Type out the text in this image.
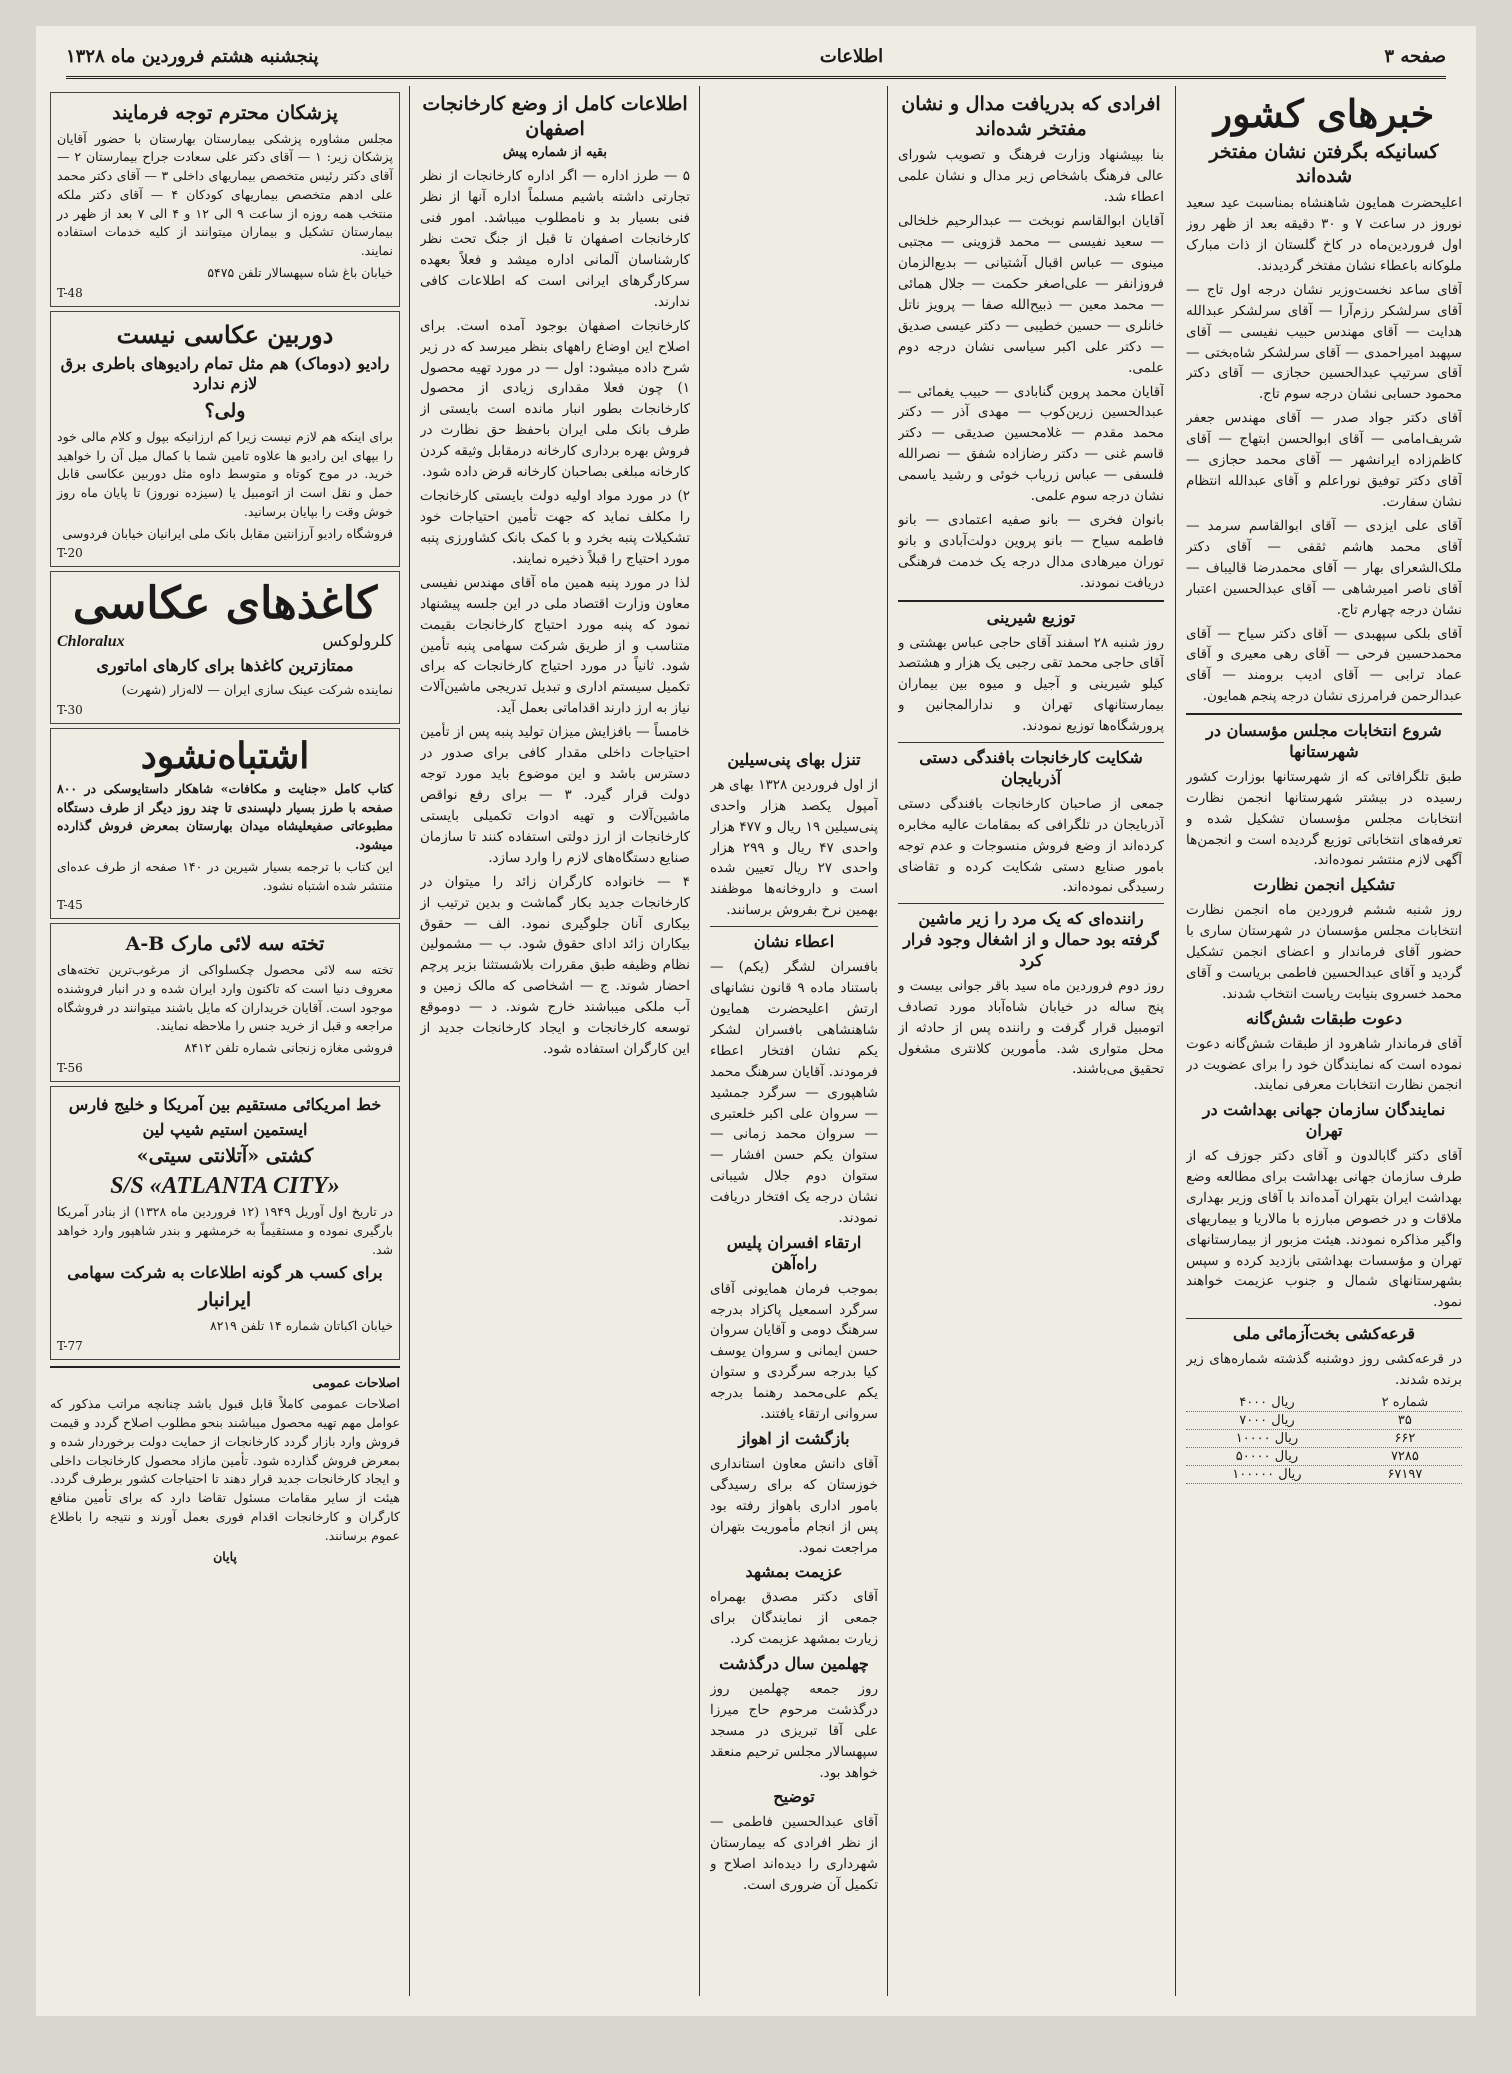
صفحه ۳
اطلاعات
پنجشنبه هشتم فروردین ماه ۱۳۲۸
خبرهای کشور
کسانیکه بگرفتن نشان مفتخر شده‌اند

اعلیحضرت همایون شاهنشاه بمناسبت عید سعید نوروز در ساعت ۷ و ۳۰ دقیقه بعد از ظهر روز اول فروردین‌ماه در کاخ گلستان از ذات مبارک ملوکانه باعطاء نشان مفتخر گردیدند.

آقای ساعد نخست‌وزیر نشان درجه اول تاج — آقای سرلشکر رزم‌آرا — آقای سرلشکر عبدالله هدایت — آقای مهندس حبیب نفیسی — آقای سپهبد امیراحمدی — آقای سرلشکر شاه‌بختی — آقای سرتیپ عبدالحسین حجازی — آقای دکتر محمود حسابی نشان درجه سوم تاج.

آقای دکتر جواد صدر — آقای مهندس جعفر شریف‌امامی — آقای ابوالحسن ابتهاج — آقای کاظم‌زاده ایرانشهر — آقای محمد حجازی — آقای دکتر توفیق نوراعلم و آقای عبدالله انتظام نشان سفارت.

آقای علی ایزدی — آقای ابوالقاسم سرمد — آقای محمد هاشم ثقفی — آقای دکتر ملک‌الشعرای بهار — آقای محمدرضا قالیباف — آقای ناصر امیرشاهی — آقای عبدالحسین اعتبار نشان درجه چهارم تاج.

آقای بلکی سپهبدی — آقای دکتر سیاح — آقای محمدحسین فرحی — آقای رهی معیری و آقای عماد ترابی — آقای ادیب برومند — آقای عبدالرحمن فرامرزی نشان درجه پنجم همایون.

شروع انتخابات مجلس مؤسسان در شهرستانها

طبق تلگرافاتی که از شهرستانها بوزارت کشور رسیده در بیشتر شهرستانها انجمن نظارت انتخابات مجلس مؤسسان تشکیل شده و تعرفه‌های انتخاباتی توزیع گردیده است و انجمن‌ها آگهی لازم منتشر نموده‌اند.

تشکیل انجمن نظارت

روز شنبه ششم فروردین ماه انجمن نظارت انتخابات مجلس مؤسسان در شهرستان ساری با حضور آقای فرماندار و اعضای انجمن تشکیل گردید و آقای عبدالحسین فاطمی بریاست و آقای محمد خسروی بنیابت ریاست انتخاب شدند.

دعوت طبقات شش‌گانه

آقای فرماندار شاهرود از طبقات شش‌گانه دعوت نموده است که نمایندگان خود را برای عضویت در انجمن نظارت انتخابات معرفی نمایند.

نمایندگان سازمان جهانی بهداشت در تهران

آقای دکتر گابالدون و آقای دکتر جوزف که از طرف سازمان جهانی بهداشت برای مطالعه وضع بهداشت ایران بتهران آمده‌اند با آقای وزیر بهداری ملاقات و در خصوص مبارزه با مالاریا و بیماریهای واگیر مذاکره نمودند. هیئت مزبور از بیمارستانهای تهران و مؤسسات بهداشتی بازدید کرده و سپس بشهرستانهای شمال و جنوب عزیمت خواهند نمود.

قرعه‌کشی بخت‌آزمائی ملی

در قرعه‌کشی روز دوشنبه گذشته شماره‌های زیر برنده شدند.

شماره ۲	ریال ۴۰۰۰
۳۵	ریال ۷۰۰۰
۶۶۲	ریال ۱۰۰۰۰
۷۲۸۵	ریال ۵۰۰۰۰
۶۷۱۹۷	ریال ۱۰۰۰۰۰
افرادی که بدریافت مدال و نشان مفتخر شده‌اند

بنا بپیشنهاد وزارت فرهنگ و تصویب شورای عالی فرهنگ باشخاص زیر مدال و نشان علمی اعطاء شد.

آقایان ابوالقاسم نوبخت — عبدالرحیم خلخالی — سعید نفیسی — محمد قزوینی — مجتبی مینوی — عباس اقبال آشتیانی — بدیع‌الزمان فروزانفر — علی‌اصغر حکمت — جلال همائی — محمد معین — ذبیح‌الله صفا — پرویز ناتل خانلری — حسین خطیبی — دکتر عیسی صدیق — دکتر علی اکبر سیاسی نشان درجه دوم علمی.

آقایان محمد پروین گنابادی — حبیب یغمائی — عبدالحسین زرین‌کوب — مهدی آذر — دکتر محمد مقدم — غلامحسین صدیقی — دکتر قاسم غنی — دکتر رضازاده شفق — نصرالله فلسفی — عباس زریاب خوئی و رشید یاسمی نشان درجه سوم علمی.

بانوان فخری — بانو صفیه اعتمادی — بانو فاطمه سیاح — بانو پروین دولت‌آبادی و بانو توران میرهادی مدال درجه یک خدمت فرهنگی دریافت نمودند.

توزیع شیرینی

روز شنبه ۲۸ اسفند آقای حاجی عباس بهشتی و آقای حاجی محمد تقی رجبی یک هزار و هشتصد کیلو شیرینی و آجیل و میوه بین بیماران بیمارستانهای تهران و ندارالمجانین و پرورشگاه‌ها توزیع نمودند.

شکایت کارخانجات بافندگی دستی آذربایجان

جمعی از صاحبان کارخانجات بافندگی دستی آذربایجان در تلگرافی که بمقامات عالیه مخابره کرده‌اند از وضع فروش منسوجات و عدم توجه بامور صنایع دستی شکایت کرده و تقاضای رسیدگی نموده‌اند.

راننده‌ای که یک مرد را زیر ماشین گرفته بود حمال و از اشغال وجود فرار کرد

روز دوم فروردین ماه سید باقر جوانی بیست و پنج ساله در خیابان شاه‌آباد مورد تصادف اتومبیل قرار گرفت و راننده پس از حادثه از محل متواری شد. مأمورین کلانتری مشغول تحقیق می‌باشند.

تنزل بهای پنی‌سیلین

از اول فروردین ۱۳۲۸ بهای هر آمپول یکصد هزار واحدی پنی‌سیلین ۱۹ ریال و ۴۷۷ هزار واحدی ۴۷ ریال و ۲۹۹ هزار واحدی ۲۷ ریال تعیین شده است و داروخانه‌ها موظفند بهمین نرخ بفروش برسانند.

اعطاء نشان

بافسران لشگر (یکم) — باستناد ماده ۹ قانون نشانهای ارتش اعلیحضرت همایون شاهنشاهی بافسران لشکر یکم نشان افتخار اعطاء فرمودند. آقایان سرهنگ محمد شاهپوری — سرگرد جمشید — سروان علی اکبر خلعتبری — سروان محمد زمانی — ستوان یکم حسن افشار — ستوان دوم جلال شیبانی نشان درجه یک افتخار دریافت نمودند.

ارتقاء افسران پلیس راه‌آهن

بموجب فرمان همایونی آقای سرگرد اسمعیل پاکزاد بدرجه سرهنگ دومی و آقایان سروان حسن ایمانی و سروان یوسف کیا بدرجه سرگردی و ستوان یکم علی‌محمد رهنما بدرجه سروانی ارتقاء یافتند.

بازگشت از اهواز

آقای دانش معاون استانداری خوزستان که برای رسیدگی بامور اداری باهواز رفته بود پس از انجام مأموریت بتهران مراجعت نمود.

عزیمت بمشهد

آقای دکتر مصدق بهمراه جمعی از نمایندگان برای زیارت بمشهد عزیمت کرد.

چهلمین سال درگذشت

روز جمعه چهلمین روز درگذشت مرحوم حاج میرزا علی آقا تبریزی در مسجد سپهسالار مجلس ترحیم منعقد خواهد بود.

توضیح

آقای عبدالحسین فاطمی — از نظر افرادی که بیمارستان شهرداری را دیده‌اند اصلاح و تکمیل آن ضروری است.

اطلاعات کامل از وضع کارخانجات اصفهان
بقیه از شماره پیش

۵ — طرز اداره — اگر اداره کارخانجات از نظر تجارتی داشته باشیم مسلماً اداره آنها از نظر فنی بسیار بد و نامطلوب میباشد. امور فنی کارخانجات اصفهان تا قبل از جنگ تحت نظر کارشناسان آلمانی اداره میشد و فعلاً بعهده سرکارگرهای ایرانی است که اطلاعات کافی ندارند.

کارخانجات اصفهان بوجود آمده است. برای اصلاح این اوضاع راههای بنظر میرسد که در زیر شرح داده میشود: اول — در مورد تهیه محصول ۱) چون فعلا مقداری زیادی از محصول کارخانجات بطور انبار مانده است بایستی از طرف بانک ملی ایران باحفظ حق نظارت در فروش بهره برداری کارخانه درمقابل وثیقه کردن کارخانه مبلغی بصاحبان کارخانه قرض داده شود.

۲) در مورد مواد اولیه دولت بایستی کارخانجات را مکلف نماید که جهت تأمین احتیاجات خود تشکیلات پنبه بخرد و با کمک بانک کشاورزی پنبه مورد احتیاج را قبلاً ذخیره نمایند.

لذا در مورد پنبه همین ماه آقای مهندس نفیسی معاون وزارت اقتصاد ملی در این جلسه پیشنهاد نمود که پنبه مورد احتیاج کارخانجات بقیمت متناسب و از طریق شرکت سهامی پنبه تأمین شود. ثانیاً در مورد احتیاج کارخانجات که برای تکمیل سیستم اداری و تبدیل تدریجی ماشین‌آلات نیاز به ارز دارند اقداماتی بعمل آید.

خامساً — بافزایش میزان تولید پنبه پس از تأمین احتیاجات داخلی مقدار کافی برای صدور در دسترس باشد و این موضوع باید مورد توجه دولت قرار گیرد. ۳ — برای رفع نواقص ماشین‌آلات و تهیه ادوات تکمیلی بایستی کارخانجات از ارز دولتی استفاده کنند تا سازمان صنایع دستگاه‌های لازم را وارد سازد.

۴ — خانواده کارگران زائد را میتوان در کارخانجات جدید بکار گماشت و بدین ترتیب از بیکاری آنان جلوگیری نمود. الف — حقوق بیکاران زائد ادای حقوق شود. ب — مشمولین نظام وظیفه طبق مقررات بلاشستثنا بزیر پرچم احضار شوند. ج — اشخاصی که مالک زمین و آب ملکی میباشند خارج شوند. د — دوموقع توسعه کارخانجات و ایجاد کارخانجات جدید از این کارگران استفاده شود.

پزشکان محترم توجه فرمایند

مجلس مشاوره پزشکی بیمارستان بهارستان با حضور آقایان پزشکان زیر: ۱ — آقای دکتر علی سعادت جراح بیمارستان ۲ — آقای دکتر رئیس متخصص بیماریهای داخلی ۳ — آقای دکتر محمد علی ادهم متخصص بیماریهای کودکان ۴ — آقای دکتر ملکه منتخب همه روزه از ساعت ۹ الی ۱۲ و ۴ الی ۷ بعد از ظهر در بیمارستان تشکیل و بیماران میتوانند از کلیه خدمات استفاده نمایند.

خیابان باغ شاه سپهسالار تلفن ۵۴۷۵

T-48
دوربین عکاسی نیست
رادیو (دوماک) هم مثل تمام رادیوهای باطری برق لازم ندارد
ولی؟

برای اینکه هم لازم نیست زیرا کم ارزانیکه بپول و کلام مالی خود را بپهای این رادیو ها علاوه تامین شما با کمال میل آن را خواهید خرید. در موج کوتاه و متوسط داوه مثل دوربین عکاسی قابل حمل و نقل است از اتومبیل یا (سیزده نوروز) تا پایان ماه روز خوش وقت را بپایان برسانید.

فروشگاه رادیو آرزانتین مقابل بانک ملی ایرانیان خیابان فردوسی

T-20
کاغذهای عکاسی
کلرولوکس
Chloralux
ممتازترین کاغذها برای کارهای اماتوری

نماینده شرکت عینک سازی ایران — لاله‌زار (شهرت)

T-30
اشتباه‌نشود

کتاب کامل «جنایت و مکافات» شاهکار داستایوسکی در ۸۰۰ صفحه با طرز بسیار دلپسندی تا چند روز دیگر از طرف دستگاه مطبوعاتی صفیعلیشاه میدان بهارستان بمعرض فروش گذارده میشود.

این کتاب با ترجمه بسیار شیرین در ۱۴۰ صفحه از طرف عده‌ای منتشر شده اشتباه نشود.

T-45
تخته سه لائی مارک A-B

تخته سه لائی محصول چکسلواکی از مرغوب‌ترین تخته‌های معروف دنیا است که تاکنون وارد ایران شده و در انبار فروشنده موجود است. آقایان خریداران که مایل باشند میتوانند در فروشگاه مراجعه و قبل از خرید جنس را ملاحظه نمایند.

فروشی مغازه زنجانی شماره تلفن ۸۴۱۲

T-56
خط امریکائی مستقیم بین آمریکا و خلیج فارس
ایستمین استیم شیپ لین
کشتی «آتلانتی سیتی»
S/S «ATLANTA CITY»

در تاریخ اول آوریل ۱۹۴۹ (۱۲ فروردین ماه ۱۳۲۸) از بنادر آمریکا بارگیری نموده و مستقیماً به خرمشهر و بندر شاهپور وارد خواهد شد.

برای کسب هر گونه اطلاعات به شرکت سهامی
ایرانبار

خیابان اکباتان شماره ۱۴ تلفن ۸۲۱۹

T-77

اصلاحات عمومی

اصلاحات عمومی کاملاً قابل قبول باشد چنانچه مراتب مذکور که عوامل مهم تهیه محصول میباشند بنحو مطلوب اصلاح گردد و قیمت فروش وارد بازار گردد کارخانجات از حمایت دولت برخوردار شده و بمعرض فروش گذارده شود. تأمین مازاد محصول کارخانجات داخلی و ایجاد کارخانجات جدید قرار دهند تا احتیاجات کشور برطرف گردد. هیئت از سایر مقامات مسئول تقاضا دارد که برای تأمین منافع کارگران و کارخانجات اقدام فوری بعمل آورند و نتیجه را باطلاع عموم برسانند.

پایان
